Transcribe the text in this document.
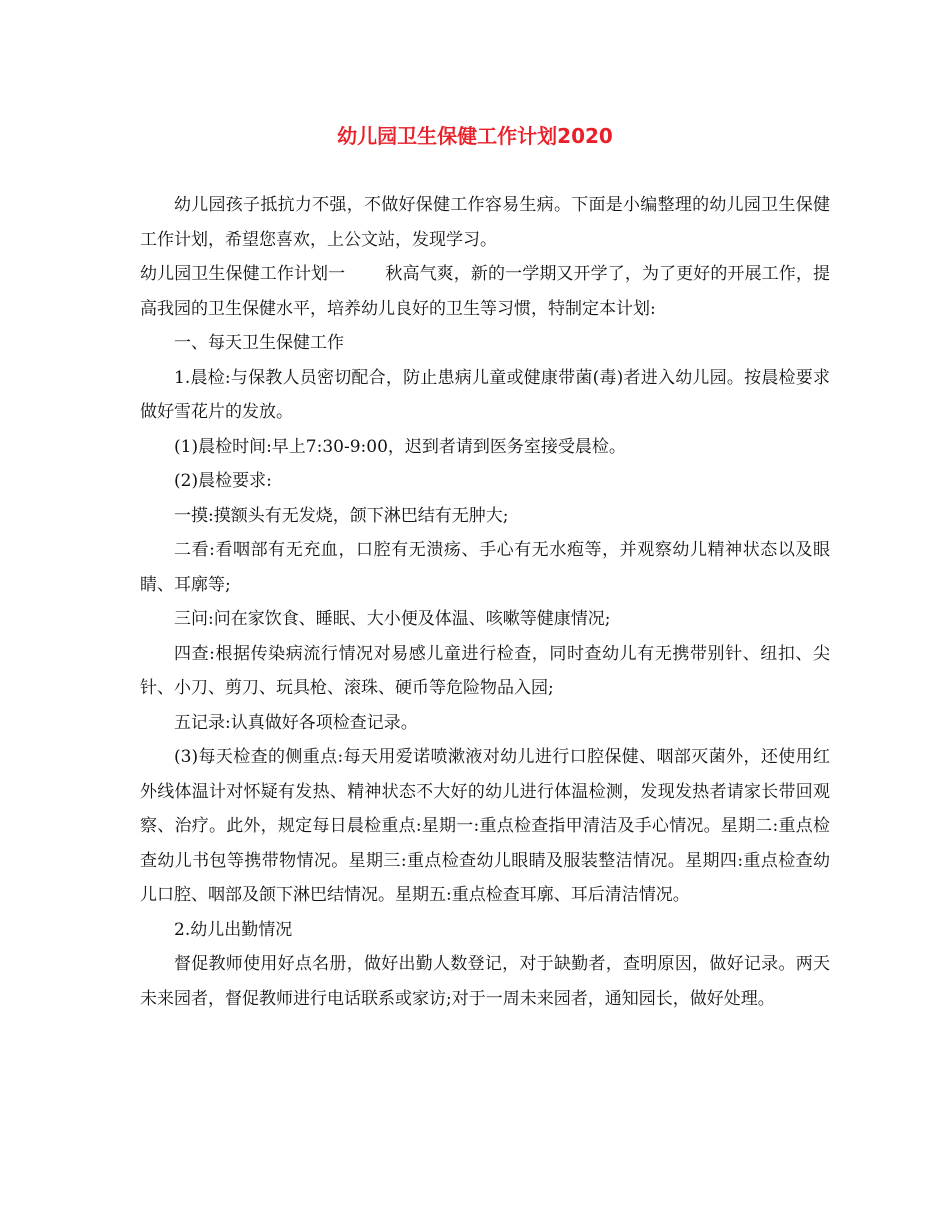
幼儿园卫生保健工作计划2020

幼儿园孩子抵抗力不强，不做好保健工作容易生病。下面是小编整理的幼儿园卫生保健工作计划，希望您喜欢，上公文站，发现学习。

幼儿园卫生保健工作计划一 秋高气爽，新的一学期又开学了，为了更好的开展工作，提高我园的卫生保健水平，培养幼儿良好的卫生等习惯，特制定本计划:

一、每天卫生保健工作

1.晨检:与保教人员密切配合，防止患病儿童或健康带菌(毒)者进入幼儿园。按晨检要求做好雪花片的发放。

(1)晨检时间:早上7:30-9:00，迟到者请到医务室接受晨检。

(2)晨检要求:

一摸:摸额头有无发烧，颌下淋巴结有无肿大;

二看:看咽部有无充血，口腔有无溃疡、手心有无水疱等，并观察幼儿精神状态以及眼睛、耳廓等;

三问:问在家饮食、睡眠、大小便及体温、咳嗽等健康情况;

四查:根据传染病流行情况对易感儿童进行检查，同时查幼儿有无携带别针、纽扣、尖针、小刀、剪刀、玩具枪、滚珠、硬币等危险物品入园;

五记录:认真做好各项检查记录。

(3)每天检查的侧重点:每天用爱诺喷漱液对幼儿进行口腔保健、咽部灭菌外，还使用红外线体温计对怀疑有发热、精神状态不大好的幼儿进行体温检测，发现发热者请家长带回观察、治疗。此外，规定每日晨检重点:星期一:重点检查指甲清洁及手心情况。星期二:重点检查幼儿书包等携带物情况。星期三:重点检查幼儿眼睛及服装整洁情况。星期四:重点检查幼儿口腔、咽部及颌下淋巴结情况。星期五:重点检查耳廓、耳后清洁情况。

2.幼儿出勤情况

督促教师使用好点名册，做好出勤人数登记，对于缺勤者，查明原因，做好记录。两天未来园者，督促教师进行电话联系或家访;对于一周未来园者，通知园长，做好处理。
